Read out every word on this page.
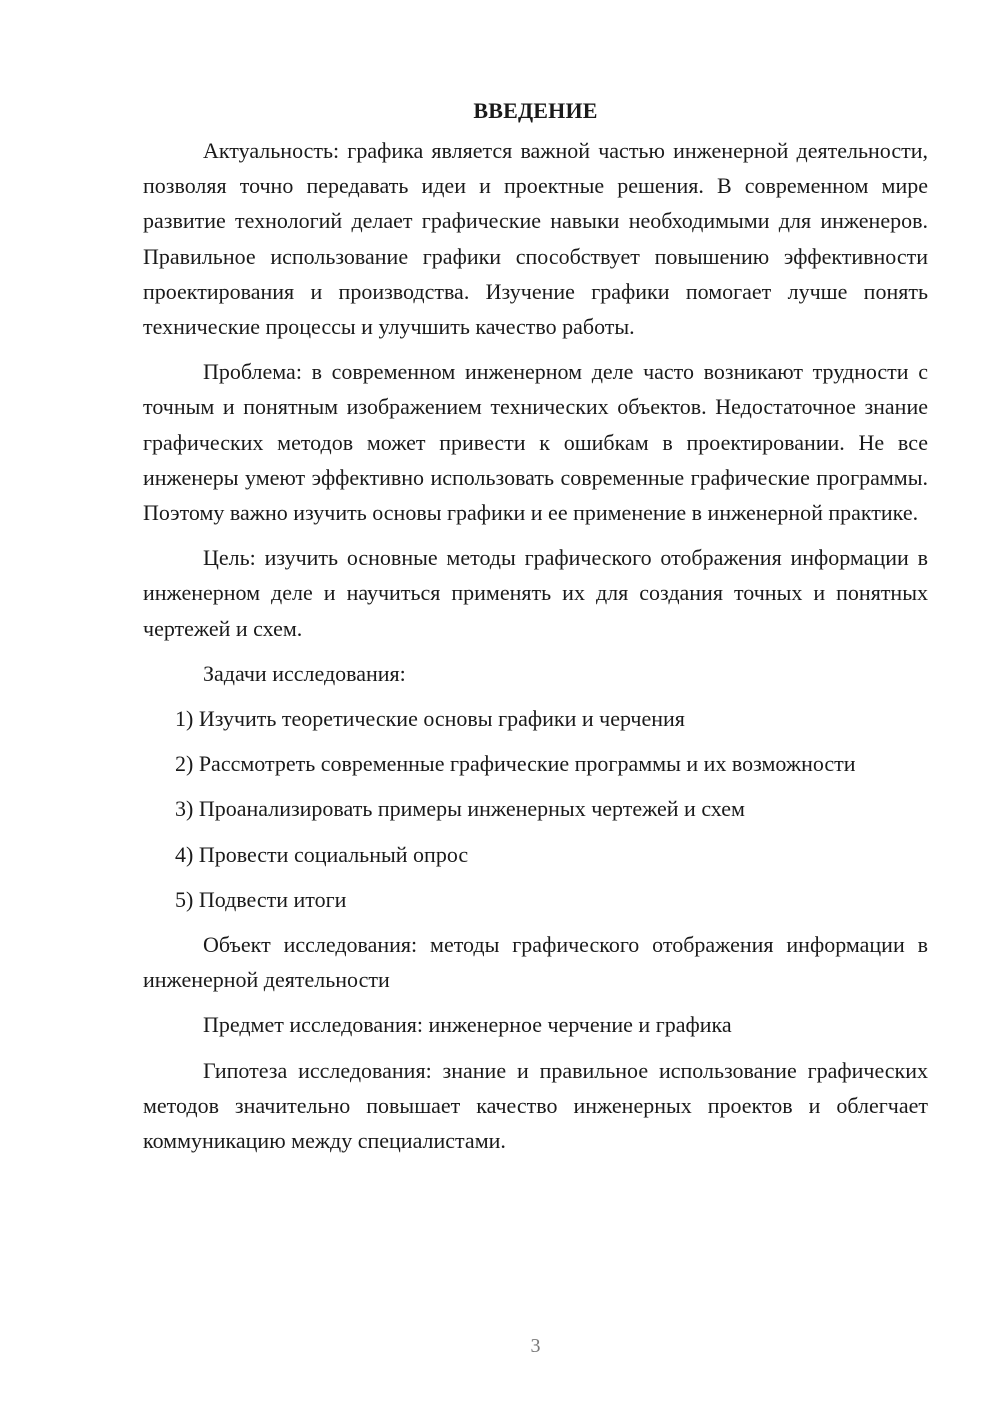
ВВЕДЕНИЕ

Актуальность: графика является важной частью инженерной деятельности, позволяя точно передавать идеи и проектные решения. В современном мире развитие технологий делает графические навыки необходимыми для инженеров. Правильное использование графики способствует повышению эффективности проектирования и производства. Изучение графики помогает лучше понять технические процессы и улучшить качество работы.

Проблема: в современном инженерном деле часто возникают трудности с точным и понятным изображением технических объектов. Недостаточное знание графических методов может привести к ошибкам в проектировании. Не все инженеры умеют эффективно использовать современные графические программы. Поэтому важно изучить основы графики и ее применение в инженерной практике.

Цель: изучить основные методы графического отображения информации в инженерном деле и научиться применять их для создания точных и понятных чертежей и схем.

Задачи исследования:

1) Изучить теоретические основы графики и черчения

2) Рассмотреть современные графические программы и их возможности

3) Проанализировать примеры инженерных чертежей и схем

4) Провести социальный опрос

5) Подвести итоги

Объект исследования: методы графического отображения информации в инженерной деятельности

Предмет исследования: инженерное черчение и графика

Гипотеза исследования: знание и правильное использование графических методов значительно повышает качество инженерных проектов и облегчает коммуникацию между специалистами.

3
